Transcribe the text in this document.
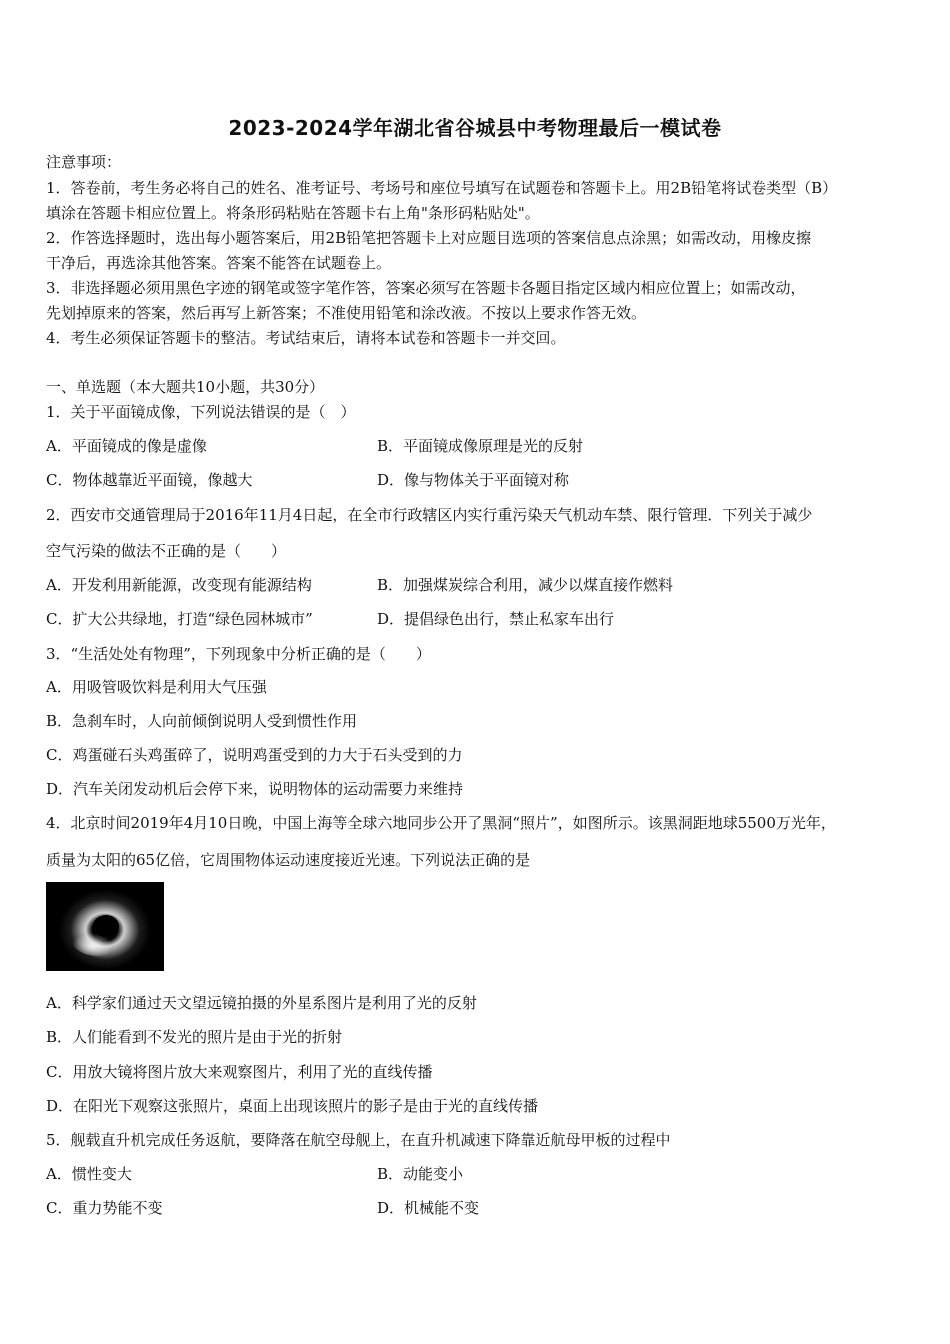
2023-2024学年湖北省谷城县中考物理最后一模试卷
注意事项：
1．答卷前，考生务必将自己的姓名、准考证号、考场号和座位号填写在试题卷和答题卡上。用2B铅笔将试卷类型（B）
填涂在答题卡相应位置上。将条形码粘贴在答题卡右上角"条形码粘贴处"。
2．作答选择题时，选出每小题答案后，用2B铅笔把答题卡上对应题目选项的答案信息点涂黑；如需改动，用橡皮擦
干净后，再选涂其他答案。答案不能答在试题卷上。
3．非选择题必须用黑色字迹的钢笔或签字笔作答，答案必须写在答题卡各题目指定区域内相应位置上；如需改动，
先划掉原来的答案，然后再写上新答案；不准使用铅笔和涂改液。不按以上要求作答无效。
4．考生必须保证答题卡的整洁。考试结束后，请将本试卷和答题卡一并交回。
一、单选题（本大题共10小题，共30分）
1．关于平面镜成像，下列说法错误的是（　）
A．平面镜成的像是虚像	B．平面镜成像原理是光的反射
C．物体越靠近平面镜，像越大	D．像与物体关于平面镜对称
2．西安市交通管理局于2016年11月4日起，在全市行政辖区内实行重污染天气机动车禁、限行管理．下列关于减少
空气污染的做法不正确的是（　　）
A．开发利用新能源，改变现有能源结构	B．加强煤炭综合利用，减少以煤直接作燃料
C．扩大公共绿地，打造“绿色园林城市”	D．提倡绿色出行，禁止私家车出行
3．“生活处处有物理”，下列现象中分析正确的是（　　）
A．用吸管吸饮料是利用大气压强
B．急刹车时，人向前倾倒说明人受到惯性作用
C．鸡蛋碰石头鸡蛋碎了，说明鸡蛋受到的力大于石头受到的力
D．汽车关闭发动机后会停下来，说明物体的运动需要力来维持
4．北京时间2019年4月10日晚，中国上海等全球六地同步公开了黑洞“照片”，如图所示。该黑洞距地球5500万光年，
质量为太阳的65亿倍，它周围物体运动速度接近光速。下列说法正确的是
A．科学家们通过天文望远镜拍摄的外星系图片是利用了光的反射
B．人们能看到不发光的照片是由于光的折射
C．用放大镜将图片放大来观察图片，利用了光的直线传播
D．在阳光下观察这张照片，桌面上出现该照片的影子是由于光的直线传播
5．舰载直升机完成任务返航，要降落在航空母舰上，在直升机减速下降靠近航母甲板的过程中
A．惯性变大	B．动能变小
C．重力势能不变	D．机械能不变
